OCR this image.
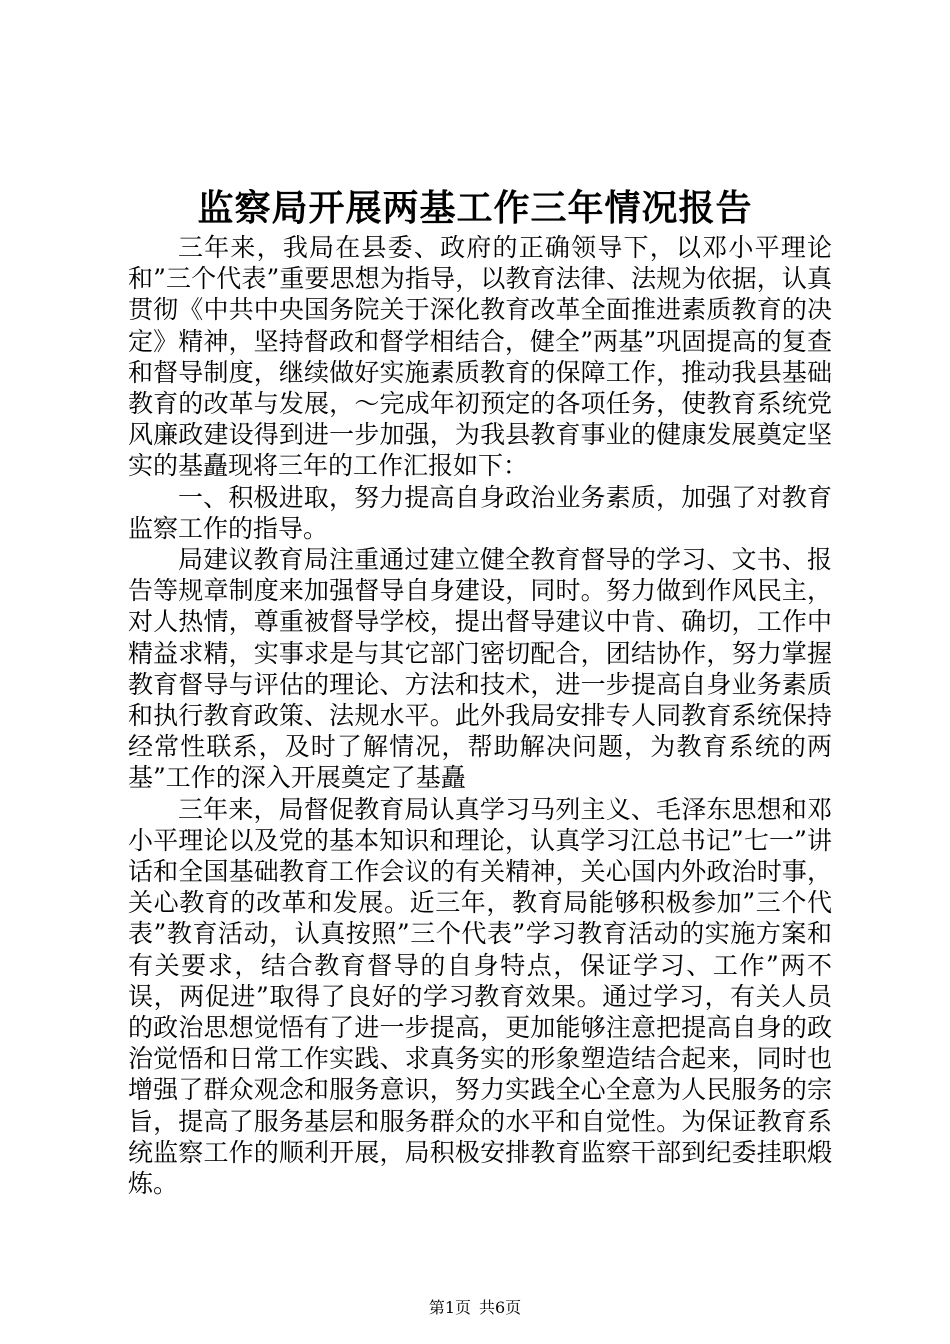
监察局开展两基工作三年情况报告

三年来，我局在县委、政府的正确领导下，以邓小平理论和”三个代表”重要思想为指导，以教育法律、法规为依据，认真贯彻《中共中央国务院关于深化教育改革全面推进素质教育的决定》精神，坚持督政和督学相结合，健全”两基”巩固提高的复查和督导制度，继续做好实施素质教育的保障工作，推动我县基础教育的改革与发展，～完成年初预定的各项任务，使教育系统党风廉政建设得到进一步加强，为我县教育事业的健康发展奠定坚实的基矗现将三年的工作汇报如下：

一、积极进取，努力提高自身政治业务素质，加强了对教育监察工作的指导。

局建议教育局注重通过建立健全教育督导的学习、文书、报告等规章制度来加强督导自身建设，同时。努力做到作风民主，对人热情，尊重被督导学校，提出督导建议中肯、确切，工作中精益求精，实事求是与其它部门密切配合，团结协作，努力掌握教育督导与评估的理论、方法和技术，进一步提高自身业务素质和执行教育政策、法规水平。此外我局安排专人同教育系统保持经常性联系，及时了解情况，帮助解决问题，为教育系统的两基”工作的深入开展奠定了基矗

三年来，局督促教育局认真学习马列主义、毛泽东思想和邓小平理论以及党的基本知识和理论，认真学习江总书记”七一”讲话和全国基础教育工作会议的有关精神，关心国内外政治时事，关心教育的改革和发展。近三年，教育局能够积极参加”三个代表”教育活动，认真按照”三个代表”学习教育活动的实施方案和有关要求，结合教育督导的自身特点，保证学习、工作”两不误，两促进”取得了良好的学习教育效果。通过学习，有关人员的政治思想觉悟有了进一步提高，更加能够注意把提高自身的政治觉悟和日常工作实践、求真务实的形象塑造结合起来，同时也增强了群众观念和服务意识，努力实践全心全意为人民服务的宗旨，提高了服务基层和服务群众的水平和自觉性。为保证教育系统监察工作的顺利开展，局积极安排教育监察干部到纪委挂职煅炼。

第1页 共6页
